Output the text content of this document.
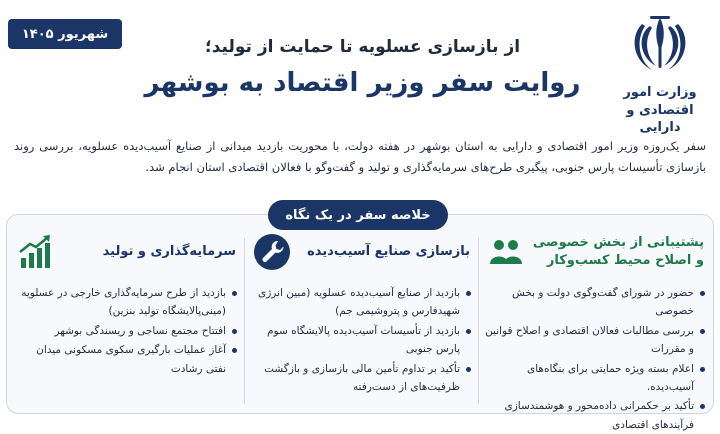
شهریور ۱۴۰۵
وزارت امور
اقتصادی و دارایی
از بازسازی عسلویه تا حمایت از تولید؛
روایت سفر وزیر اقتصاد به بوشهر

سفر یک‌روزه وزیر امور اقتصادی و دارایی به استان بوشهر در هفته دولت، با محوریت بازدید میدانی از صنایع آسیب‌دیده عسلویه، بررسی روند بازسازی تأسیسات پارس جنوبی، پیگیری طرح‌های سرمایه‌گذاری و تولید و گفت‌وگو با فعالان اقتصادی استان انجام شد.

خلاصه سفر در یک نگاه
پشتیبانی از بخش خصوصی
و اصلاح محیط کسب‌وکار
حضور در شورای گفت‌وگوی دولت و بخش خصوصی
بررسی مطالبات فعالان اقتصادی و اصلاح قوانین و مقررات
اعلام بسته ویژه حمایتی برای بنگاه‌های آسیب‌دیده.
تأکید بر حکمرانی داده‌محور و هوشمندسازی فرآیندهای اقتصادی
بازسازی صنایع آسیب‌دیده
بازدید از صنایع آسیب‌دیده عسلویه (مبین انرژی شهیدفارس و پتروشیمی جم)
بازدید از تأسیسات آسیب‌دیده پالایشگاه سوم پارس جنوبی
تأکید بر تداوم تأمین مالی بازسازی و بازگشت ظرفیت‌های از دست‌رفته
سرمایه‌گذاری و تولید
بازدید از طرح سرمایه‌گذاری خارجی در عسلویه (مینی‌پالایشگاه تولید بنزین)
افتتاح مجتمع نساجی و ریسندگی بوشهر
آغاز عملیات بارگیری سکوی مسکونی میدان نفتی رشادت
